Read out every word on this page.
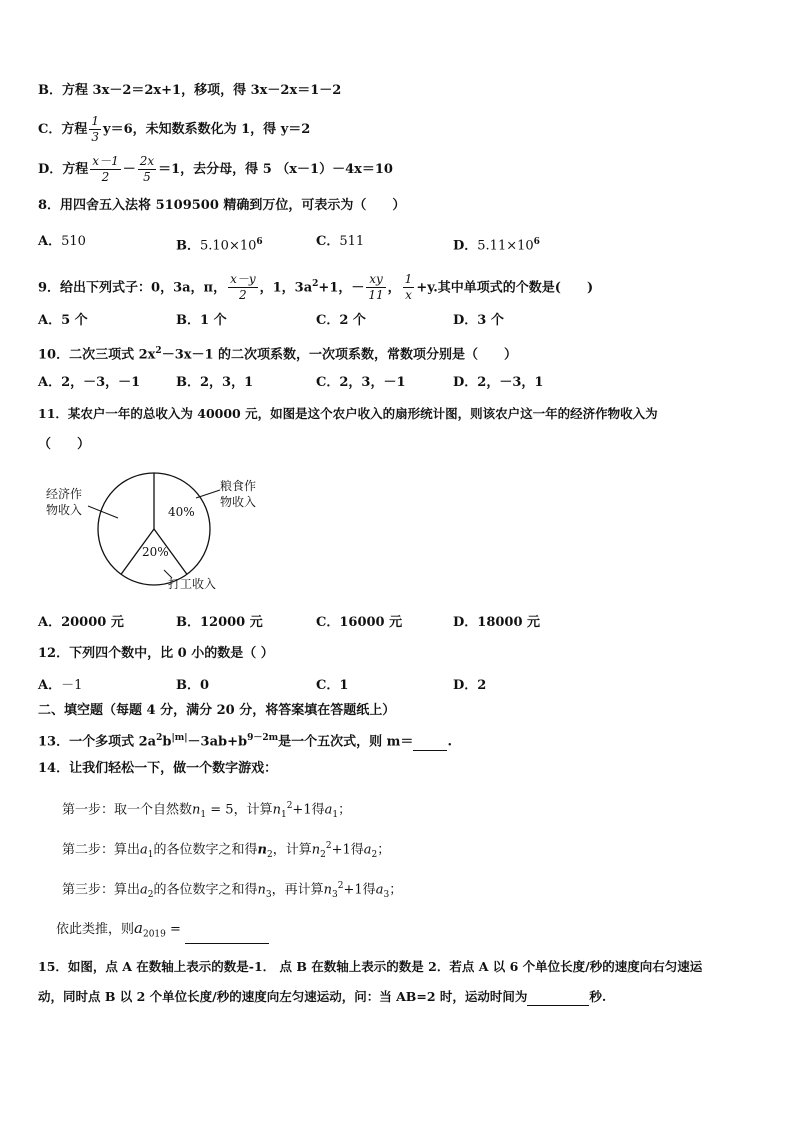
B．方程 3x－2＝2x+1，移项，得 3x－2x＝1－2
C．方程 $\frac{1}{3} y=6$，未知数系数化为 1，得 y＝2
D．方程 $\frac{x-1}{2} - \frac{2x}{5} =1$，去分母，得 5 （x－1）－4x＝10
8．用四舍五入法将 5109500 精确到万位，可表示为（　　）
A．510	B．$5.10\times 10^6$	C．511	D．$5.11\times 10^6$
9．给出下列式子：0，3a，π， $\frac{x-y}{2}$ ，1，$3a^2+1$，－ $\frac{xy}{11}$ ， $\frac{1}{x} +y$.其中单项式的个数是(　　)
A．5 个	B．1 个	C．2 个	D．3 个
10．二次三项式 $2x^2-3x-1$ 的二次项系数，一次项系数，常数项分别是（　　）
A．2，－3，－1	B．2，3，1	C．2，3，－1	D．2，－3，1
11．某农户一年的总收入为 40000 元，如图是这个农户收入的扇形统计图，则该农户这一年的经济作物收入为
（　　）
经济作
物收入
粮食作
物收入
打工收入
40%
20%
A．20000 元	B．12000 元	C．16000 元	D．18000 元
12．下列四个数中，比 0 小的数是（ ）
A．－1	B．0	C．1	D．2
二、填空题（每题 4 分，满分 20 分，将答案填在答题纸上）
13．一个多项式 $2a^2b^{|m|}-3ab+b^{9-2m}$是一个五次式，则 m＝	.
14．让我们轻松一下，做一个数字游戏：
第一步：取一个自然数$n_1 = 5$，计算$n_1^2+1$得$a_1$；
第二步：算出$a_1$的各位数字之和得$n_2$，计算$n_2^2+1$得$a_2$；
第三步：算出$a_2$的各位数字之和得$n_3$，再计算$n_3^2+1$得$a_3$；
依此类推，则$a_{2019}$ =
15．如图，点 A 在数轴上表示的数是-1． 点 B 在数轴上表示的数是 2．若点 A 以 6 个单位长度/秒的速度向右匀速运
动，同时点 B 以 2 个单位长度/秒的速度向左匀速运动，问：当 AB=2 时，运动时间为	秒.
